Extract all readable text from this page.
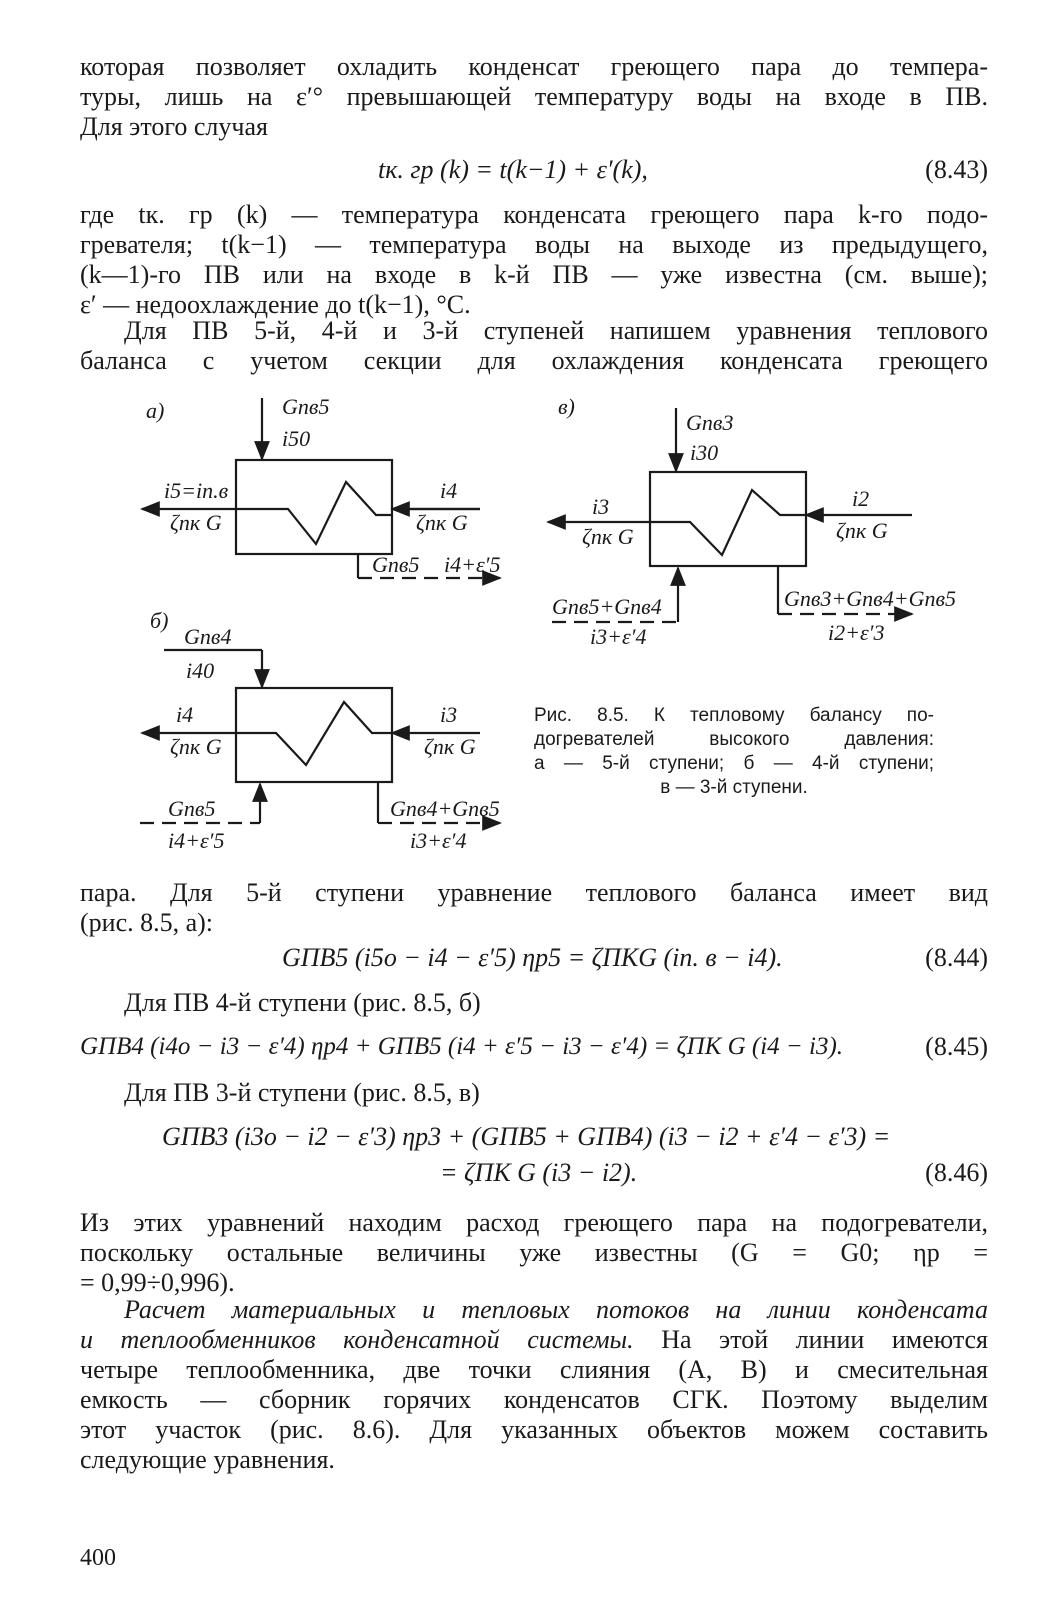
которая позволяет охладить конденсат греющего пара до темпера-
туры, лишь на ε′° превышающей температуру воды на входе в ПВ.
Для этого случая
tк. гр (k) = t(k−1) + ε′(k),	(8.43)
где tк. гр (k) — температура конденсата греющего пара k-го подо-
гревателя; t(k−1) — температура воды на выходе из предыдущего,
(k—1)-го ПВ или на входе в k-й ПВ — уже известна (см. выше);
ε′ — недоохлаждение до t(k−1), °С.
Для ПВ 5-й, 4-й и 3-й ступеней напишем уравнения теплового
баланса с учетом секции для охлаждения конденсата греющего
а)	Gпв5
i50
i5=iп.в
ζпк G
i4
ζпк G
Gпв5 i4+ε′5
б)
Gпв4
i40
i4
ζпк G
i3
ζпк G
Gпв5
i4+ε′5
Gпв4+Gпв5
i3+ε′4
в)
Gпв3
i30
i3
ζпк G
i2
ζпк G
Gпв5+Gпв4
i3+ε′4
Gпв3+Gпв4+Gпв5
i2+ε′3
Рис. 8.5. К тепловому балансу по-
догревателей высокого давления:
а — 5-й ступени; б — 4-й ступени;
в — 3-й ступени.
пара. Для 5-й ступени уравнение теплового баланса имеет вид
(рис. 8.5, а):
GПВ5 (i5o − i4 − ε′5) ηр5 = ζПКG (iп. в − i4).	(8.44)
Для ПВ 4-й ступени (рис. 8.5, б)
GПВ4 (i4o − i3 − ε′4) ηр4 + GПВ5 (i4 + ε′5 − i3 − ε′4) = ζПК G (i4 − i3).	(8.45)
Для ПВ 3-й ступени (рис. 8.5, в)
GПВ3 (i3o − i2 − ε′3) ηр3 + (GПВ5 + GПВ4) (i3 − i2 + ε′4 − ε′3) =
= ζПК G (i3 − i2).	(8.46)
Из этих уравнений находим расход греющего пара на подогреватели,
поскольку остальные величины уже известны (G = G0; ηр =
= 0,99÷0,996).
Расчет материальных и тепловых потоков на линии конденсата
и теплообменников конденсатной системы. На этой линии имеются
четыре теплообменника, две точки слияния (A, B) и смесительная
емкость — сборник горячих конденсатов СГК. Поэтому выделим
этот участок (рис. 8.6). Для указанных объектов можем составить
следующие уравнения.
400
